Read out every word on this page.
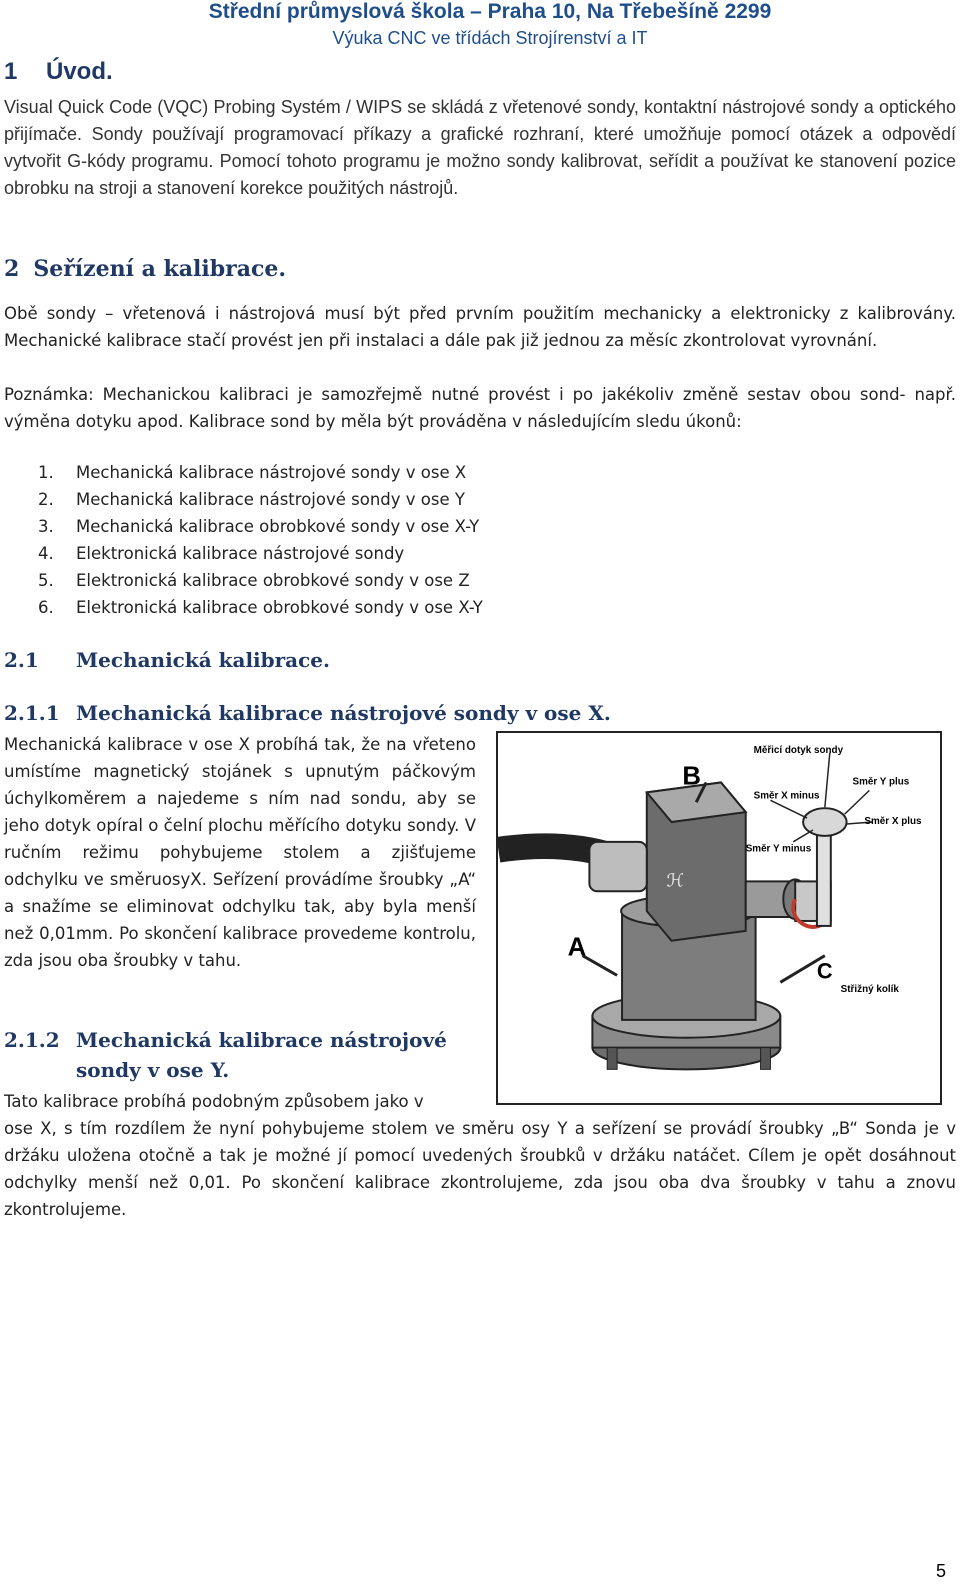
Střední průmyslová škola – Praha 10, Na Třebešíně 2299
Výuka CNC ve třídách Strojírenství a IT
1 Úvod.
Visual Quick Code (VQC) Probing Systém / WIPS se skládá z vřetenové sondy, kontaktní nástrojové sondy a optického přijímače. Sondy používají programovací příkazy a grafické rozhraní, které umožňuje pomocí otázek a odpovědí vytvořit G-kódy programu. Pomocí tohoto programu je možno sondy kalibrovat, seřídit a používat ke stanovení pozice obrobku na stroji a stanovení korekce použitých nástrojů.
2 Seřízení a kalibrace.
Obě sondy – vřetenová i nástrojová musí být před prvním použitím mechanicky a elektronicky z kalibrovány. Mechanické kalibrace stačí provést jen při instalaci a dále pak již jednou za měsíc zkontrolovat vyrovnání.
Poznámka: Mechanickou kalibraci je samozřejmě nutné provést i po jakékoliv změně sestav obou sond- např. výměna dotyku apod. Kalibrace sond by měla být prováděna v následujícím sledu úkonů:
1. Mechanická kalibrace nástrojové sondy v ose X
2. Mechanická kalibrace nástrojové sondy v ose Y
3. Mechanická kalibrace obrobkové sondy v ose X-Y
4. Elektronická kalibrace nástrojové sondy
5. Elektronická kalibrace obrobkové sondy v ose Z
6. Elektronická kalibrace obrobkové sondy v ose X-Y
2.1 Mechanická kalibrace.
2.1.1 Mechanická kalibrace nástrojové sondy v ose X.
Mechanická kalibrace v ose X probíhá tak, že na vřeteno umístíme magnetický stojánek s upnutým páčkovým úchylkoměrem a najedeme s ním nad sondu, aby se jeho dotyk opíral o čelní plochu měřícího dotyku sondy. V ručním režimu pohybujeme stolem a zjišťujeme odchylku ve směruosyX. Seřízení provádíme šroubky „A“ a snažíme se eliminovat odchylku tak, aby byla menší než 0,01mm. Po skončení kalibrace provedeme kontrolu, zda jsou oba šroubky v tahu.
ℋ
B
A
C
Měřicí dotyk sondy
Směr Y plus
Směr X minus
Směr X plus
Směr Y minus
Střižný kolík
2.1.2 Mechanická kalibrace nástrojové
sondy v ose Y.
Tato kalibrace probíhá podobným způsobem jako v
ose X, s tím rozdílem že nyní pohybujeme stolem ve směru osy Y a seřízení se provádí šroubky „B“ Sonda je v držáku uložena otočně a tak je možné jí pomocí uvedených šroubků v držáku natáčet. Cílem je opět dosáhnout odchylky menší než 0,01. Po skončení kalibrace zkontrolujeme, zda jsou oba dva šroubky v tahu a znovu zkontrolujeme.
5
